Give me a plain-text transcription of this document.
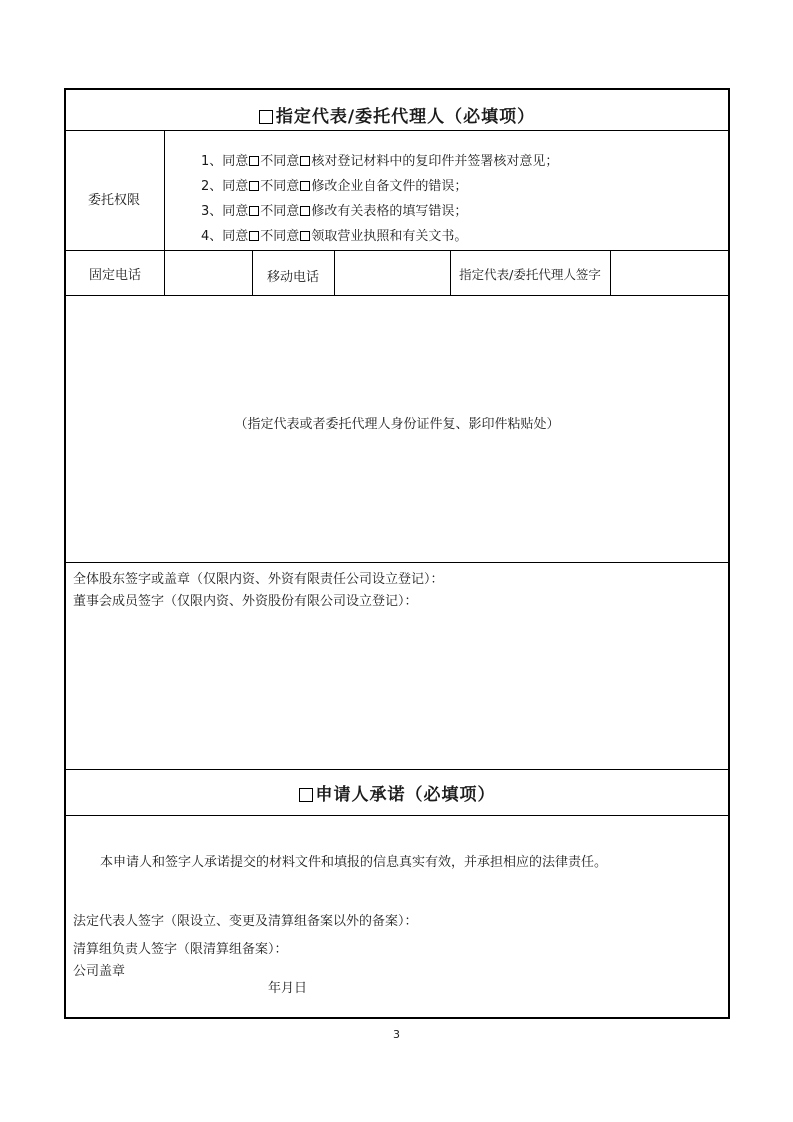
指定代表/委托代理人（必填项）
委托权限
1、同意 不同意 核对登记材料中的复印件并签署核对意见；
2、同意 不同意 修改企业自备文件的错误；
3、同意 不同意 修改有关表格的填写错误；
4、同意 不同意 领取营业执照和有关文书。
固定电话	移动电话	指定代表/委托代理人签字
（指定代表或者委托代理人身份证件复、影印件粘贴处）
全体股东签字或盖章（仅限内资、外资有限责任公司设立登记）：
董事会成员签字（仅限内资、外资股份有限公司设立登记）：
申请人承诺（必填项）
本申请人和签字人承诺提交的材料文件和填报的信息真实有效，并承担相应的法律责任。
法定代表人签字（限设立、变更及清算组备案以外的备案）：
清算组负责人签字（限清算组备案）：
公司盖章
年月日
3
